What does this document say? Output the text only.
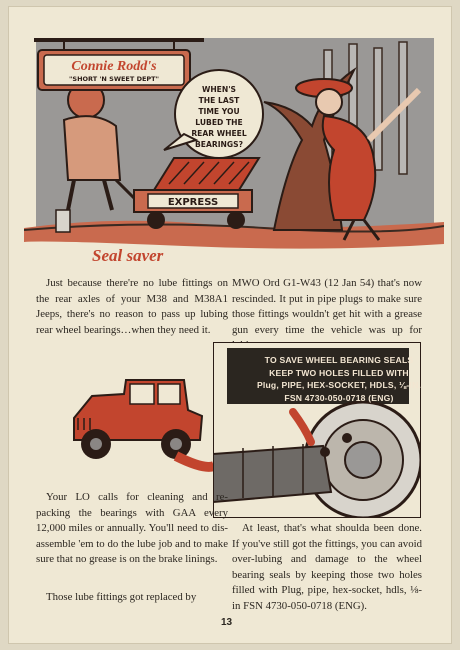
EXPRESS
Connie Rodd's
"SHORT 'N SWEET DEPT"
WHEN'S
THE LAST
TIME YOU
LUBED THE
REAR WHEEL
BEARINGS?
Seal saver

Just because there're no lube fittings on the rear axles of your M38 and M38A1 Jeeps, there's no reason to pass up lubing rear wheel bearings…when they need it.

MWO Ord G1-W43 (12 Jan 54) that's now rescinded. It put in pipe plugs to make sure those fittings wouldn't get hit with a grease gun every time the vehicle was up for

TO SAVE WHEEL BEARING SEALS
KEEP TWO HOLES FILLED WITH
Plug, PIPE, HEX-SOCKET, HDLS, ⅛-IN.
FSN 4730-050-0718 (ENG)

Your LO calls for cleaning and re-packing the bearings with GAA every 12,000 miles or annually. You'll need to dis-assemble 'em to do the lube job and to make sure that no grease is on the brake linings.

Those lube fittings got replaced by

At least, that's what shoulda been done. If you've still got the fittings, you can avoid over-lubing and damage to the wheel bearing seals by keeping those two holes filled with Plug, pipe, hex-socket, hdls, ⅛-in FSN 4730-050-0718 (ENG).

13
